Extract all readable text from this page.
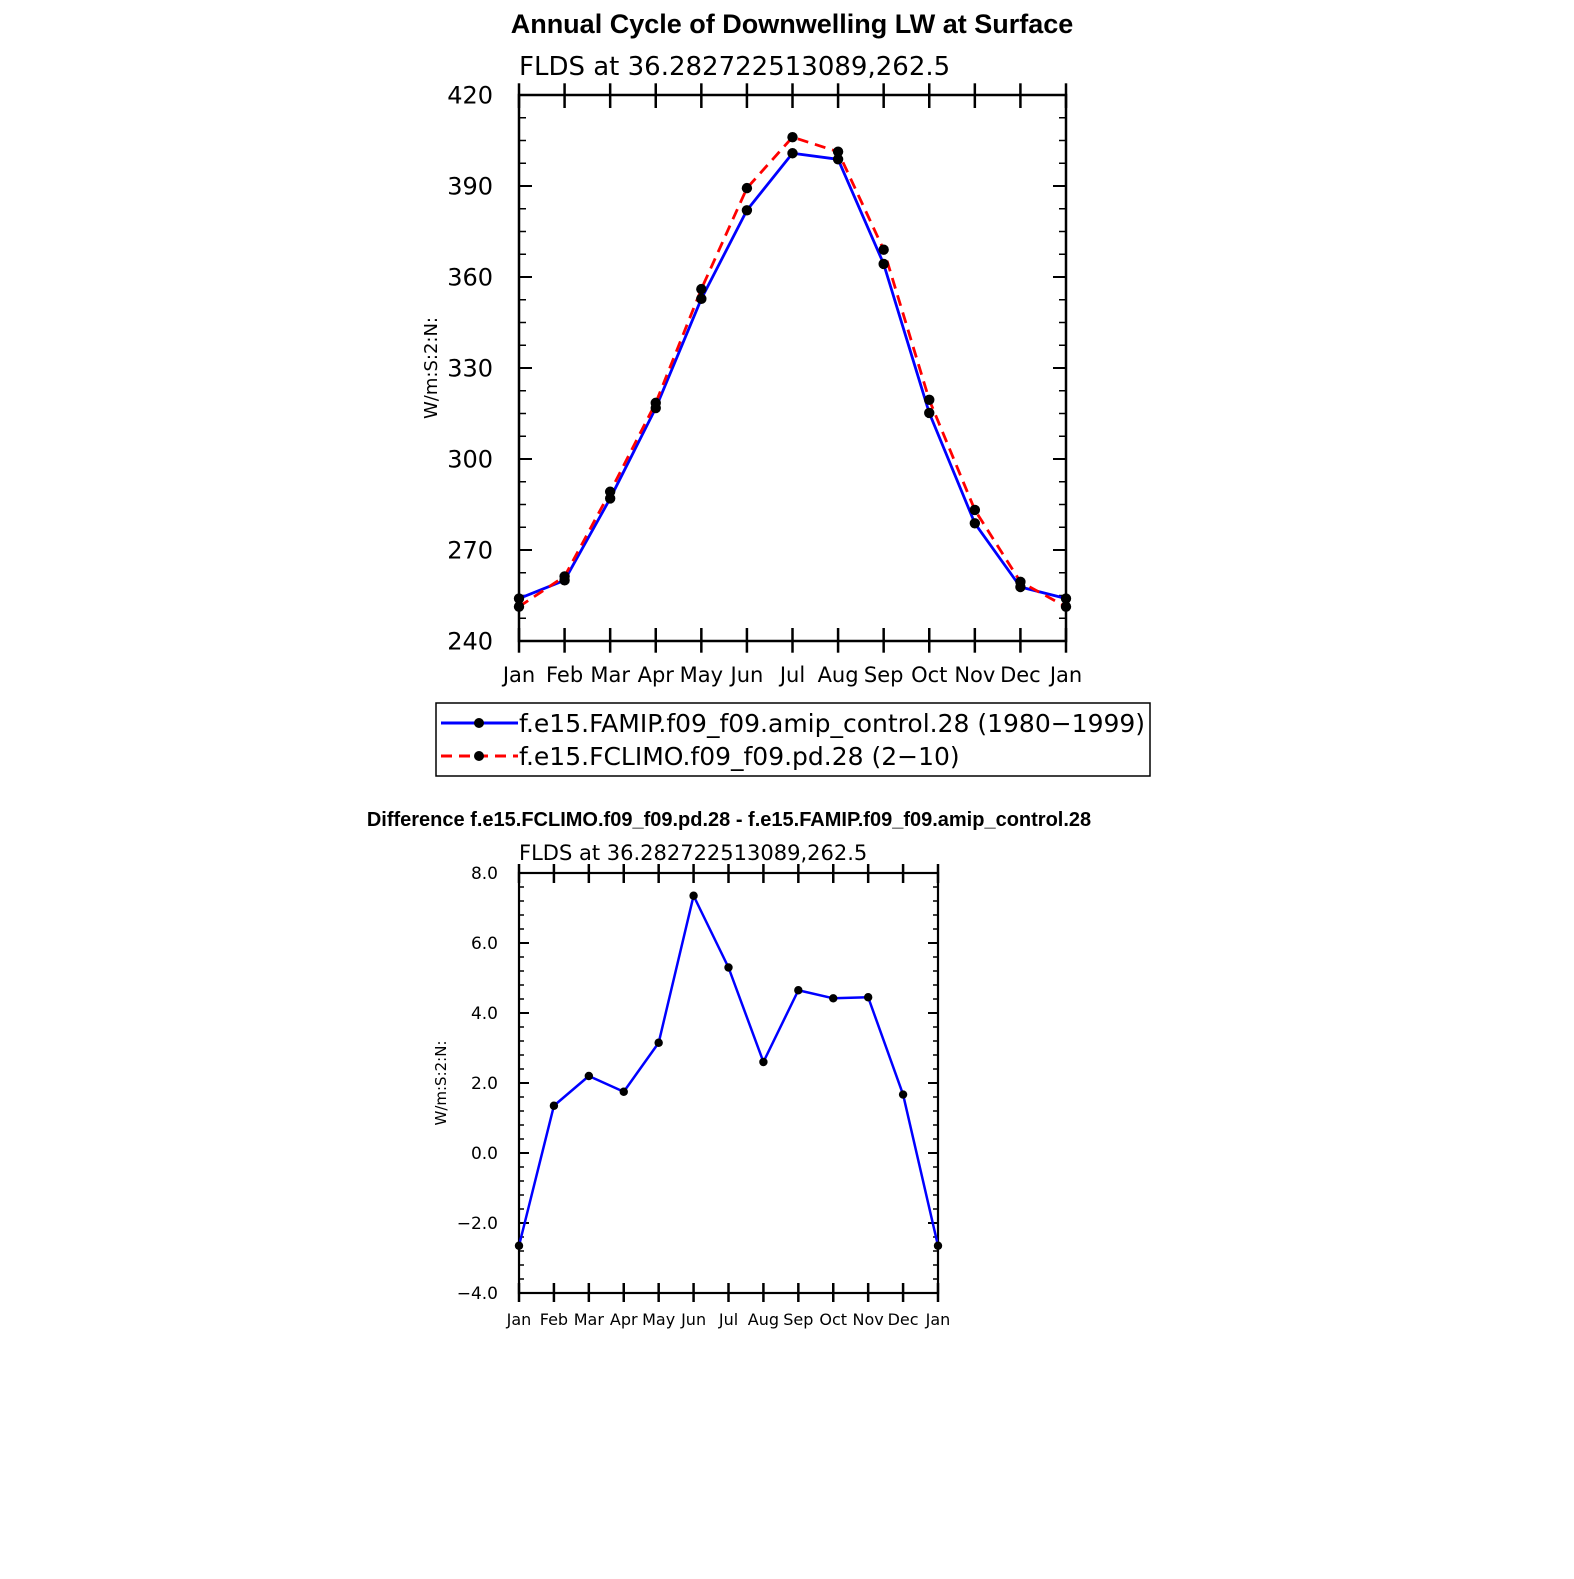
Annual Cycle of Downwelling LW at Surface
FLDS at 36.282722513089,262.5
W/m:S:2:N:
240
270
300
330
360
390
420
Jan Feb Mar Apr May Jun Jul Aug Sep Oct Nov Dec Jan
f.e15.FAMIP.f09_f09.amip_control.28 (1980−1999)
f.e15.FCLIMO.f09_f09.pd.28 (2−10)
Difference f.e15.FCLIMO.f09_f09.pd.28 - f.e15.FAMIP.f09_f09.amip_control.28
FLDS at 36.282722513089,262.5
W/m:S:2:N:
−4.0
−2.0
0.0
2.0
4.0
6.0
8.0
Jan Feb Mar Apr May Jun Jul Aug Sep Oct Nov Dec Jan
